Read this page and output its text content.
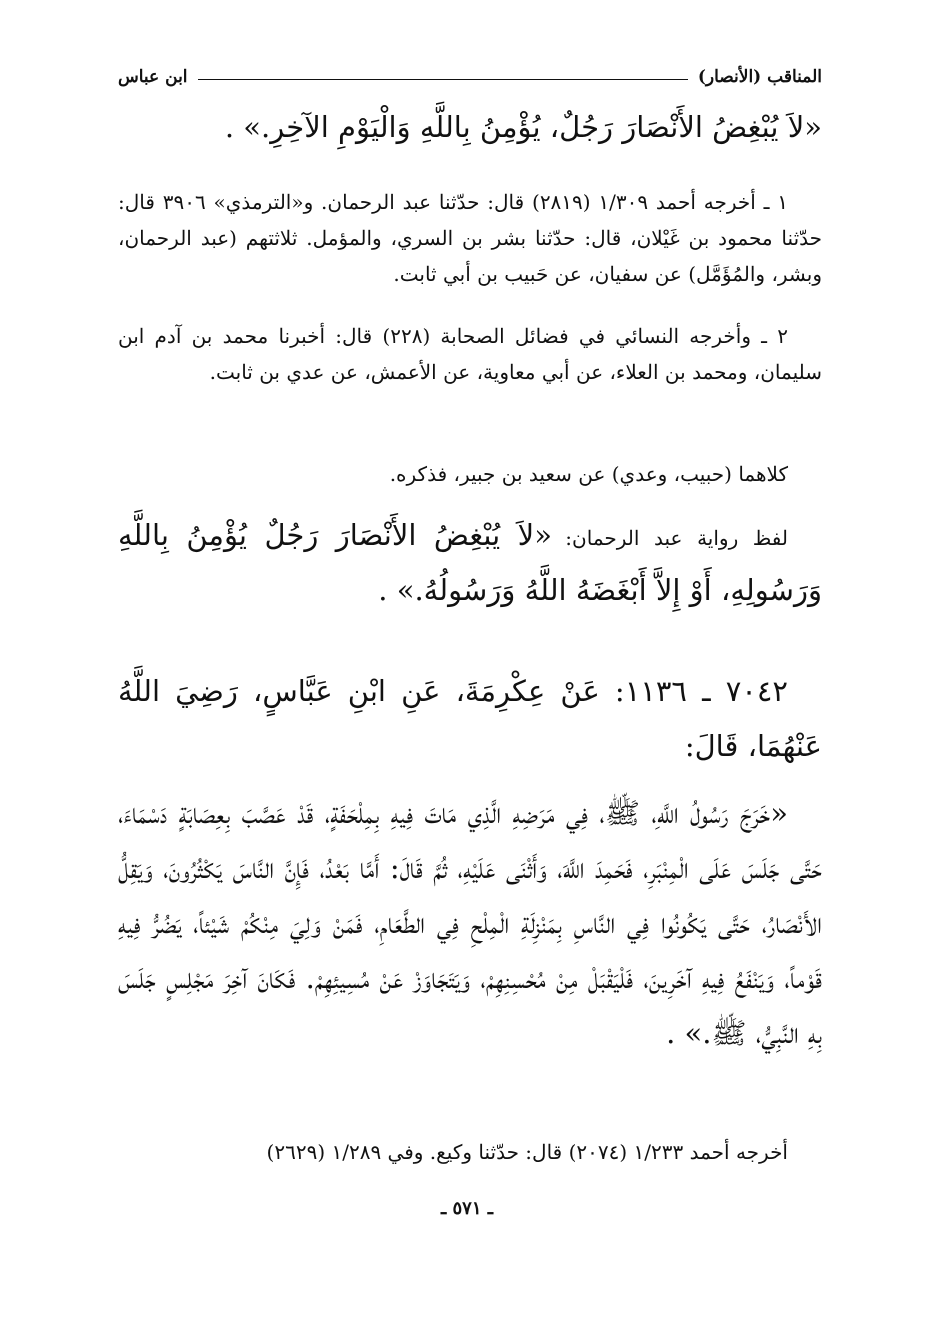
المناقب (الأنصار)
ابن عباس
«لاَ يُبْغِضُ الأَنْصَارَ رَجُلٌ، يُؤْمِنُ بِاللَّهِ وَالْيَوْمِ الآخِرِ.» .
١ ـ أخرجه أحمد ١/٣٠٩ (٢٨١٩) قال: حدّثنا عبد الرحمان. و«الترمذي» ٣٩٠٦ قال: حدّثنا محمود بن غَيْلان، قال: حدّثنا بشر بن السري، والمؤمل. ثلاثتهم (عبد الرحمان، وبشر، والمُؤَمَّل) عن سفيان، عن حَبيب بن أبي ثابت.
٢ ـ وأخرجه النسائي في فضائل الصحابة (٢٢٨) قال: أخبرنا محمد بن آدم ابن سليمان، ومحمد بن العلاء، عن أبي معاوية، عن الأعمش، عن عدي بن ثابت.
كلاهما (حبيب، وعدي) عن سعيد بن جبير، فذكره.
لفظ رواية عبد الرحمان: «لاَ يُبْغِضُ الأَنْصَارَ رَجُلٌ يُؤْمِنُ بِاللَّهِ وَرَسُولِهِ، أَوْ إِلاَّ أَبْغَضَهُ اللَّهُ وَرَسُولُهُ.» .
٧٠٤٢ ـ ١١٣٦: عَنْ عِكْرِمَةَ، عَنِ ابْنِ عَبَّاسٍ، رَضِيَ اللَّهُ عَنْهُمَا، قَالَ:
«خَرَجَ رَسُولُ اللَّهِ، ﷺ، فِي مَرَضِهِ الَّذِي مَاتَ فِيهِ بِمِلْحَفَةٍ، قَدْ عَصَّبَ بِعِصَابَةٍ دَسْمَاءَ، حَتَّى جَلَسَ عَلَى الْمِنْبَرِ، فَحَمِدَ اللَّهَ، وَأَثْنَى عَلَيْهِ، ثُمَّ قَالَ: أَمَّا بَعْدُ، فَإِنَّ النَّاسَ يَكْثُرُونَ، وَيَقِلُّ الأَنْصَارُ، حَتَّى يَكُونُوا فِي النَّاسِ بِمَنْزِلَةِ الْمِلْحِ فِي الطَّعَامِ، فَمَنْ وَلِيَ مِنْكُمْ شَيْئاً، يَضُرُّ فِيهِ قَوْماً، وَيَنْفَعُ فِيهِ آخَرِينَ، فَلْيَقْبَلْ مِنْ مُحْسِنِهِمْ، وَيَتَجَاوَزْ عَنْ مُسِيئِهِمْ. فَكَانَ آخِرَ مَجْلِسٍ جَلَسَ بِهِ النَّبِيُّ، ﷺ.» .
أخرجه أحمد ١/٢٣٣ (٢٠٧٤) قال: حدّثنا وكيع. وفي ١/٢٨٩ (٢٦٢٩)
ـ ٥٧١ ـ
